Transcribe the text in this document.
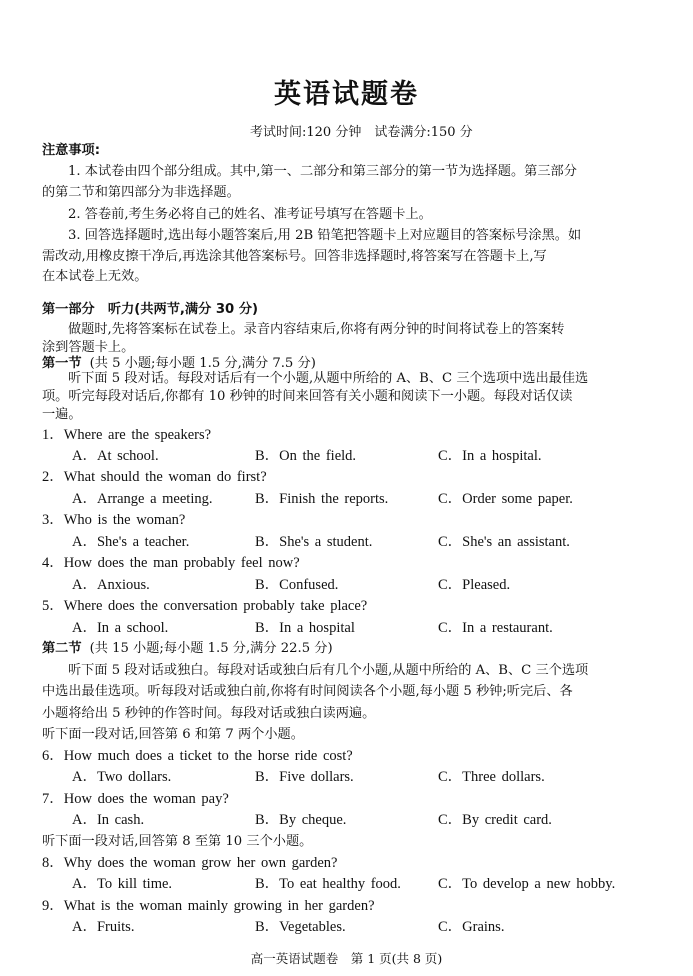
英语试题卷
考试时间:120 分钟　试卷满分:150 分
注意事项:
1. 本试卷由四个部分组成。其中,第一、二部分和第三部分的第一节为选择题。第三部分
的第二节和第四部分为非选择题。
2. 答卷前,考生务必将自己的姓名、准考证号填写在答题卡上。
3. 回答选择题时,选出每小题答案后,用 2B 铅笔把答题卡上对应题目的答案标号涂黑。如
需改动,用橡皮擦干净后,再选涂其他答案标号。回答非选择题时,将答案写在答题卡上,写
在本试卷上无效。
第一部分　听力(共两节,满分 30 分)
做题时,先将答案标在试卷上。录音内容结束后,你将有两分钟的时间将试卷上的答案转
涂到答题卡上。
第一节 (共 5 小题;每小题 1.5 分,满分 7.5 分)
听下面 5 段对话。每段对话后有一个小题,从题中所给的 A、B、C 三个选项中选出最佳选
项。听完每段对话后,你都有 10 秒钟的时间来回答有关小题和阅读下一小题。每段对话仅读
一遍。
1．Where are the speakers?
A．At school.	B．On the field.	C．In a hospital.
2．What should the woman do first?
A．Arrange a meeting.	B．Finish the reports.	C．Order some paper.
3．Who is the woman?
A．She's a teacher.	B．She's a student.	C．She's an assistant.
4．How does the man probably feel now?
A．Anxious.	B．Confused.	C．Pleased.
5．Where does the conversation probably take place?
A．In a school.	B．In a hospital	C．In a restaurant.
第二节 (共 15 小题;每小题 1.5 分,满分 22.5 分)
听下面 5 段对话或独白。每段对话或独白后有几个小题,从题中所给的 A、B、C 三个选项
中选出最佳选项。听每段对话或独白前,你将有时间阅读各个小题,每小题 5 秒钟;听完后、各
小题将给出 5 秒钟的作答时间。每段对话或独白读两遍。
听下面一段对话,回答第 6 和第 7 两个小题。
6．How much does a ticket to the horse ride cost?
A．Two dollars.	B．Five dollars.	C．Three dollars.
7．How does the woman pay?
A．In cash.	B．By cheque.	C．By credit card.
听下面一段对话,回答第 8 至第 10 三个小题。
8．Why does the woman grow her own garden?
A．To kill time.	B．To eat healthy food.	C．To develop a new hobby.
9．What is the woman mainly growing in her garden?
A．Fruits.	B．Vegetables.	C．Grains.
高一英语试题卷　第 1 页(共 8 页)
